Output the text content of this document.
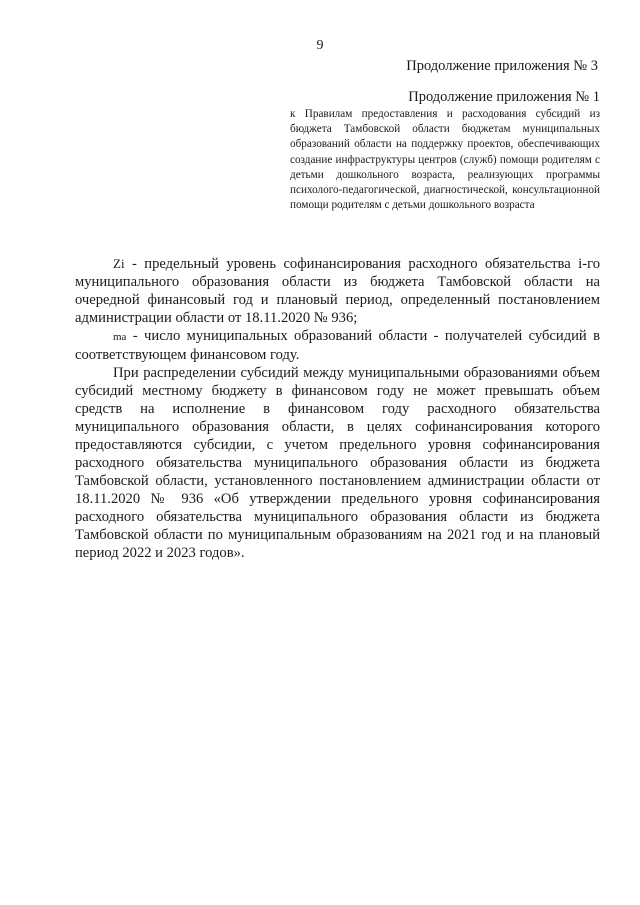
9
Продолжение приложения № 3
Продолжение приложения № 1
к Правилам предоставления и расходования субсидий из бюджета Тамбовской области бюджетам муниципальных образований области на поддержку проектов, обеспечивающих создание инфраструктуры центров (служб) помощи родителям с детьми дошкольного возраста, реализующих программы психолого-педагогической, диагностической, консультационной помощи родителям с детьми дошкольного возраста

Zi - предельный уровень софинансирования расходного обязательства i-го муниципального образования области из бюджета Тамбовской области на очередной финансовый год и плановый период, определенный постановлением администрации области от 18.11.2020 № 936;

ma - число муниципальных образований области - получателей субсидий в соответствующем финансовом году.

При распределении субсидий между муниципальными образованиями объем субсидий местному бюджету в финансовом году не может превышать объем средств на исполнение в финансовом году расходного обязательства муниципального образования области, в целях софинансирования которого предоставляются субсидии, с учетом предельного уровня софинансирования расходного обязательства муниципального образования области из бюджета Тамбовской области, установленного постановлением администрации области от 18.11.2020 № 936 «Об утверждении предельного уровня софинансирования расходного обязательства муниципального образования области из бюджета Тамбовской области по муниципальным образованиям на 2021 год и на плановый период 2022 и 2023 годов».
